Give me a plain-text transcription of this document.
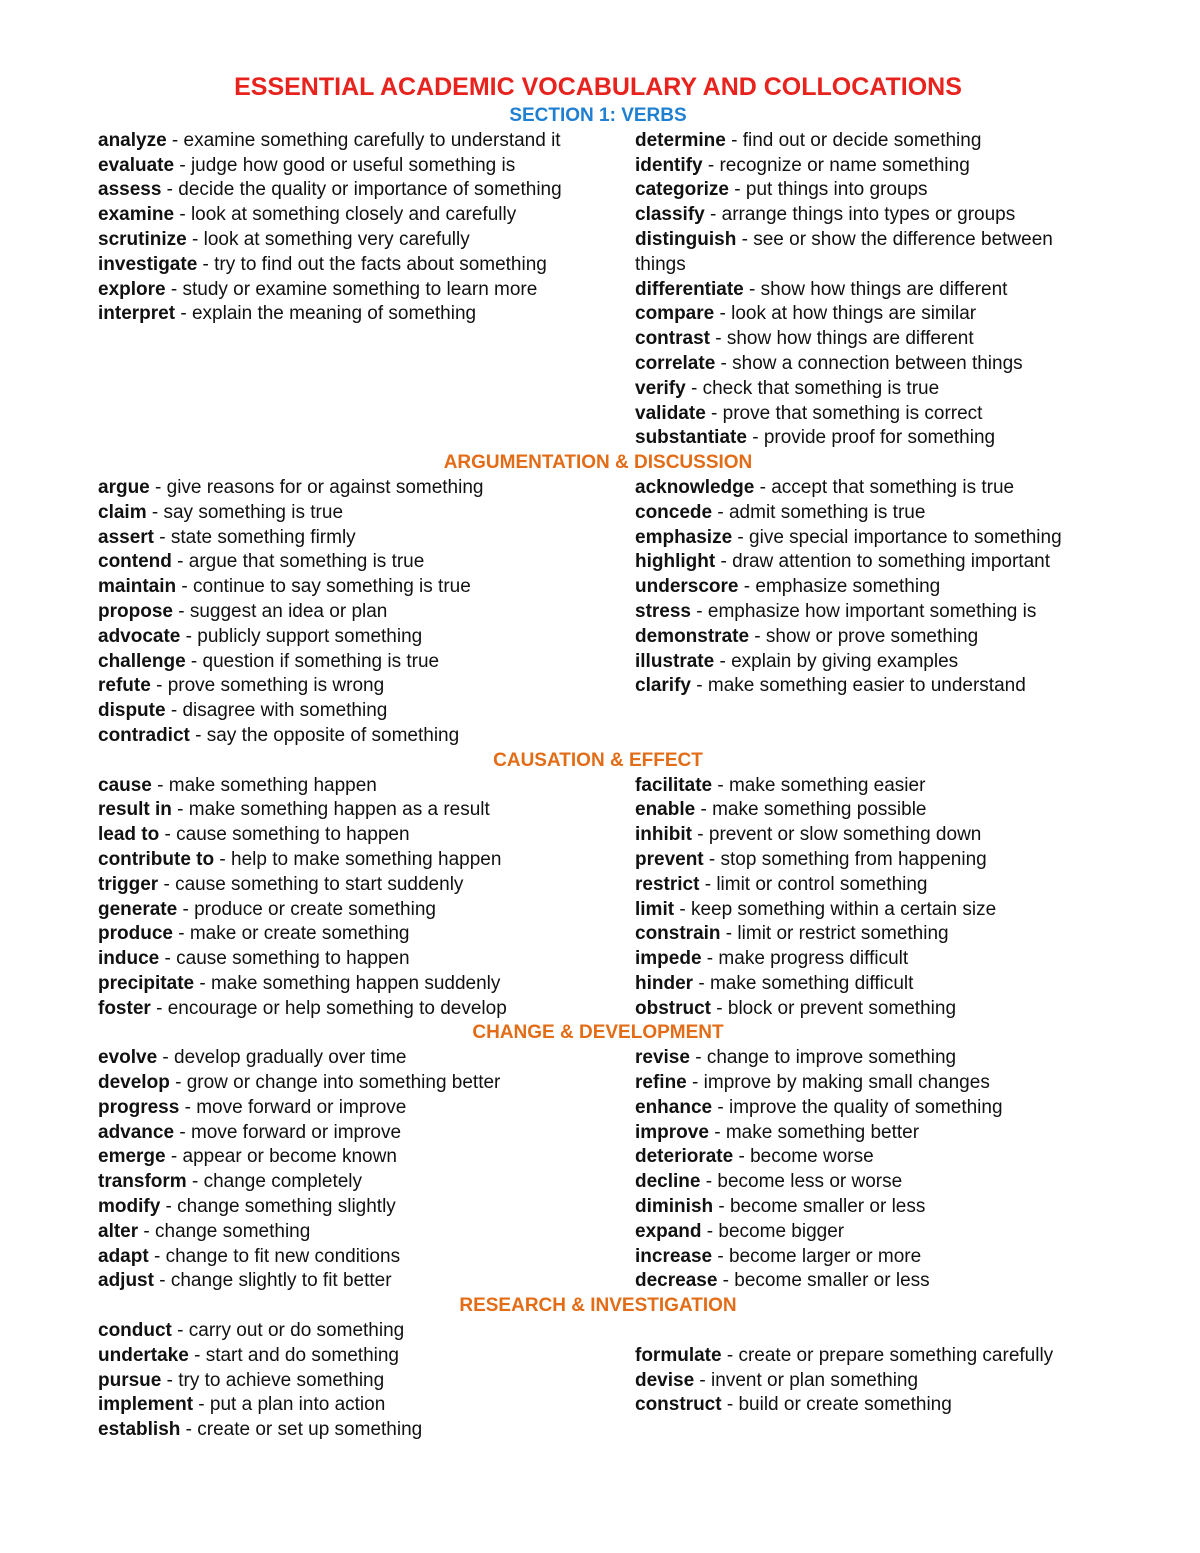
ESSENTIAL ACADEMIC VOCABULARY AND COLLOCATIONS
SECTION 1: VERBS
analyze - examine something carefully to understand it
evaluate - judge how good or useful something is
assess - decide the quality or importance of something
examine - look at something closely and carefully
scrutinize - look at something very carefully
investigate - try to find out the facts about something
explore - study or examine something to learn more
interpret - explain the meaning of something
determine - find out or decide something
identify - recognize or name something
categorize - put things into groups
classify - arrange things into types or groups
distinguish - see or show the difference between things
differentiate - show how things are different
compare - look at how things are similar
contrast - show how things are different
correlate - show a connection between things
verify - check that something is true
validate - prove that something is correct
substantiate - provide proof for something
ARGUMENTATION & DISCUSSION
argue - give reasons for or against something
claim - say something is true
assert - state something firmly
contend - argue that something is true
maintain - continue to say something is true
propose - suggest an idea or plan
advocate - publicly support something
challenge - question if something is true
refute - prove something is wrong
dispute - disagree with something
contradict - say the opposite of something
acknowledge - accept that something is true
concede - admit something is true
emphasize - give special importance to something
highlight - draw attention to something important
underscore - emphasize something
stress - emphasize how important something is
demonstrate - show or prove something
illustrate - explain by giving examples
clarify - make something easier to understand
CAUSATION & EFFECT
cause - make something happen
result in - make something happen as a result
lead to - cause something to happen
contribute to - help to make something happen
trigger - cause something to start suddenly
generate - produce or create something
produce - make or create something
induce - cause something to happen
precipitate - make something happen suddenly
foster - encourage or help something to develop
facilitate - make something easier
enable - make something possible
inhibit - prevent or slow something down
prevent - stop something from happening
restrict - limit or control something
limit - keep something within a certain size
constrain - limit or restrict something
impede - make progress difficult
hinder - make something difficult
obstruct - block or prevent something
CHANGE & DEVELOPMENT
evolve - develop gradually over time
develop - grow or change into something better
progress - move forward or improve
advance - move forward or improve
emerge - appear or become known
transform - change completely
modify - change something slightly
alter - change something
adapt - change to fit new conditions
adjust - change slightly to fit better
revise - change to improve something
refine - improve by making small changes
enhance - improve the quality of something
improve - make something better
deteriorate - become worse
decline - become less or worse
diminish - become smaller or less
expand - become bigger
increase - become larger or more
decrease - become smaller or less
RESEARCH & INVESTIGATION
conduct - carry out or do something
undertake - start and do something
pursue - try to achieve something
implement - put a plan into action
establish - create or set up something
formulate - create or prepare something carefully
devise - invent or plan something
construct - build or create something
